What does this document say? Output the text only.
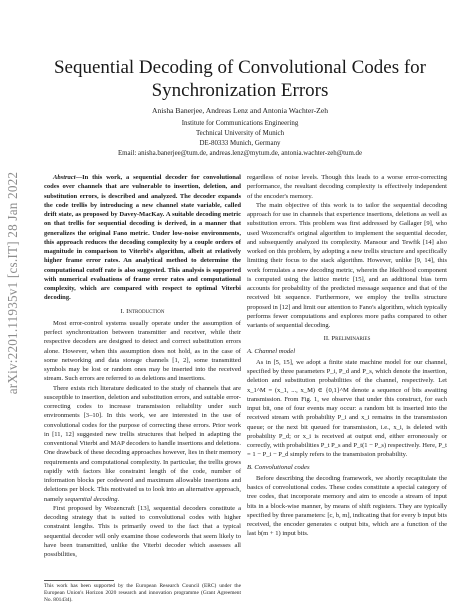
arXiv:2201.11935v1 [cs.IT] 28 Jan 2022
Sequential Decoding of Convolutional Codes for
Synchronization Errors
Anisha Banerjee, Andreas Lenz and Antonia Wachter-Zeh
Institute for Communications Engineering
Technical University of Munich
DE-80333 Munich, Germany
Email: anisha.banerjee@tum.de, andreas.lenz@mytum.de, antonia.wachter-zeh@tum.de

Abstract—In this work, a sequential decoder for convolutional codes over channels that are vulnerable to insertion, deletion, and substitution errors, is described and analyzed. The decoder expands the code trellis by introducing a new channel state variable, called drift state, as proposed by Davey-MacKay. A suitable decoding metric on that trellis for sequential decoding is derived, in a manner that generalizes the original Fano metric. Under low-noise environments, this approach reduces the decoding complexity by a couple orders of magnitude in comparison to Viterbi's algorithm, albeit at relatively higher frame error rates. An analytical method to determine the computational cutoff rate is also suggested. This analysis is supported with numerical evaluations of frame error rates and computational complexity, which are compared with respect to optimal Viterbi decoding.

I. Introduction

Most error-control systems usually operate under the assumption of perfect synchronization between transmitter and receiver, while their respective decoders are designed to detect and correct substitution errors alone. However, when this assumption does not hold, as in the case of some networking and data storage channels [1, 2], some transmitted symbols may be lost or random ones may be inserted into the received stream. Such errors are referred to as deletions and insertions.

There exists rich literature dedicated to the study of channels that are susceptible to insertion, deletion and substitution errors, and suitable error-correcting codes to increase transmission reliability under such environments [3–10]. In this work, we are interested in the use of convolutional codes for the purpose of correcting these errors. Prior work in [11, 12] suggested new trellis structures that helped in adapting the conventional Viterbi and MAP decoders to handle insertions and deletions. One drawback of these decoding approaches however, lies in their memory requirements and computational complexity. In particular, the trellis grows rapidly with factors like constraint length of the code, number of information blocks per codeword and maximum allowable insertions and deletions per block. This motivated us to look into an alternative approach, namely sequential decoding.

First proposed by Wozencraft [13], sequential decoders constitute a decoding strategy that is suited to convolutional codes with higher constraint lengths. This is primarily owed to the fact that a typical sequential decoder will only examine those codewords that seem likely to have been transmitted, unlike the Viterbi decoder which assesses all possibilities,

regardless of noise levels. Though this leads to a worse error-correcting performance, the resultant decoding complexity is effectively independent of the encoder's memory.

The main objective of this work is to tailor the sequential decoding approach for use in channels that experience insertions, deletions as well as substitution errors. This problem was first addressed by Gallager [9], who used Wozencraft's original algorithm to implement the sequential decoder, and subsequently analyzed its complexity. Mansour and Tewfik [14] also worked on this problem, by adopting a new trellis structure and specifically limiting their focus to the stack algorithm. However, unlike [9, 14], this work formulates a new decoding metric, wherein the likelihood component is computed using the lattice metric [15], and an additional bias term accounts for probability of the predicted message sequence and that of the received bit sequence. Furthermore, we employ the trellis structure proposed in [12] and limit our attention to Fano's algorithm, which typically performs fewer computations and explores more paths compared to other variants of sequential decoding.

II. Preliminaries
A. Channel model

As in [5, 15], we adopt a finite state machine model for our channel, specified by three parameters P_i, P_d and P_s, which denote the insertion, deletion and substitution probabilities of the channel, respectively. Let x_1^M = (x_1, ..., x_M) ∈ {0,1}^M denote a sequence of bits awaiting transmission. From Fig. 1, we observe that under this construct, for each input bit, one of four events may occur: a random bit is inserted into the received stream with probability P_i and x_i remains in the transmission queue; or the next bit queued for transmission, i.e., x_i, is deleted with probability P_d; or x_i is received at output end, either erroneously or correctly, with probabilities P_t P_s and P_t(1 − P_s) respectively. Here, P_t = 1 − P_i − P_d simply refers to the transmission probability.

B. Convolutional codes

Before describing the decoding framework, we shortly recapitulate the basics of convolutional codes. These codes constitute a special category of tree codes, that incorporate memory and aim to encode a stream of input bits in a block-wise manner, by means of shift registers. They are typically specified by three parameters: [c, b, m], indicating that for every b input bits received, the encoder generates c output bits, which are a function of the last b(m + 1) input bits.

This work has been supported by the European Research Council (ERC) under the European Union's Horizon 2020 research and innovation programme (Grant Agreement No. 801434).
